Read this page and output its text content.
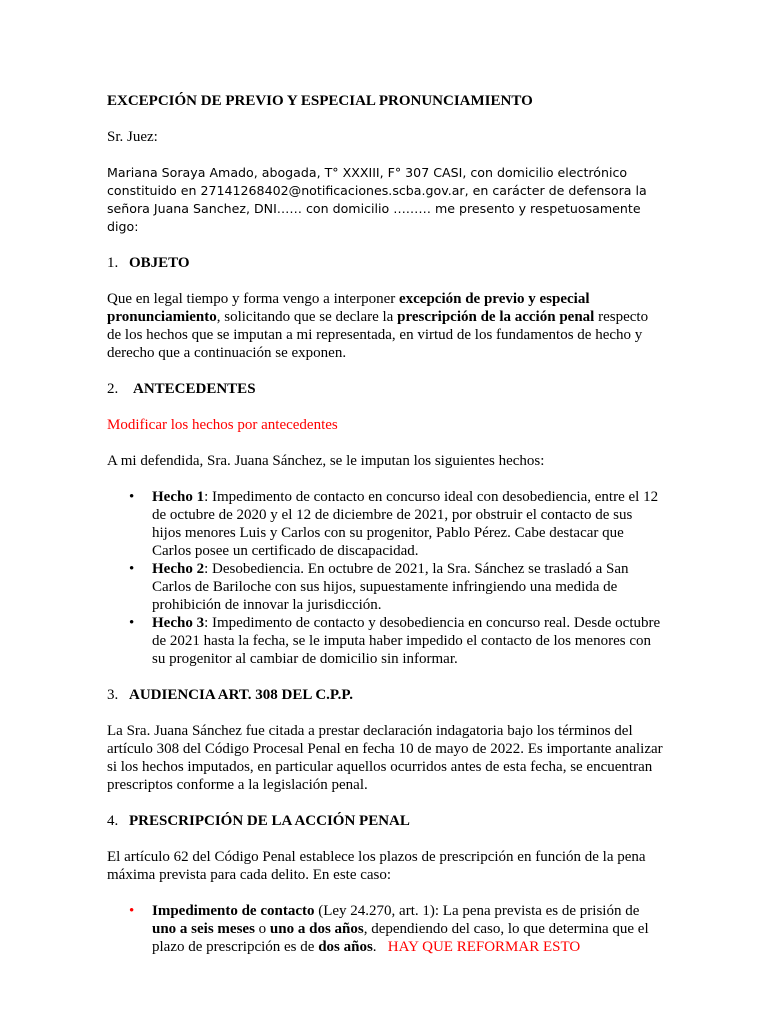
EXCEPCIÓN DE PREVIO Y ESPECIAL PRONUNCIAMIENTO

Sr. Juez:

Mariana Soraya Amado, abogada, T° XXXIII, F° 307 CASI, con domicilio electrónico constituido en 27141268402@notificaciones.scba.gov.ar, en carácter de defensora la señora Juana Sanchez, DNI…… con domicilio ……… me presento y respetuosamente digo:

1. OBJETO

Que en legal tiempo y forma vengo a interponer excepción de previo y especial pronunciamiento, solicitando que se declare la prescripción de la acción penal respecto de los hechos que se imputan a mi representada, en virtud de los fundamentos de hecho y derecho que a continuación se exponen.

2. ANTECEDENTES

Modificar los hechos por antecedentes

A mi defendida, Sra. Juana Sánchez, se le imputan los siguientes hechos:

• Hecho 1: Impedimento de contacto en concurso ideal con desobediencia, entre el 12 de octubre de 2020 y el 12 de diciembre de 2021, por obstruir el contacto de sus hijos menores Luis y Carlos con su progenitor, Pablo Pérez. Cabe destacar que Carlos posee un certificado de discapacidad.
• Hecho 2: Desobediencia. En octubre de 2021, la Sra. Sánchez se trasladó a San Carlos de Bariloche con sus hijos, supuestamente infringiendo una medida de prohibición de innovar la jurisdicción.
• Hecho 3: Impedimento de contacto y desobediencia en concurso real. Desde octubre de 2021 hasta la fecha, se le imputa haber impedido el contacto de los menores con su progenitor al cambiar de domicilio sin informar.
3. AUDIENCIA ART. 308 DEL C.P.P.

La Sra. Juana Sánchez fue citada a prestar declaración indagatoria bajo los términos del artículo 308 del Código Procesal Penal en fecha 10 de mayo de 2022. Es importante analizar si los hechos imputados, en particular aquellos ocurridos antes de esta fecha, se encuentran prescriptos conforme a la legislación penal.

4. PRESCRIPCIÓN DE LA ACCIÓN PENAL

El artículo 62 del Código Penal establece los plazos de prescripción en función de la pena máxima prevista para cada delito. En este caso:

• Impedimento de contacto (Ley 24.270, art. 1): La pena prevista es de prisión de uno a seis meses o uno a dos años, dependiendo del caso, lo que determina que el plazo de prescripción es de dos años. HAY QUE REFORMAR ESTO
